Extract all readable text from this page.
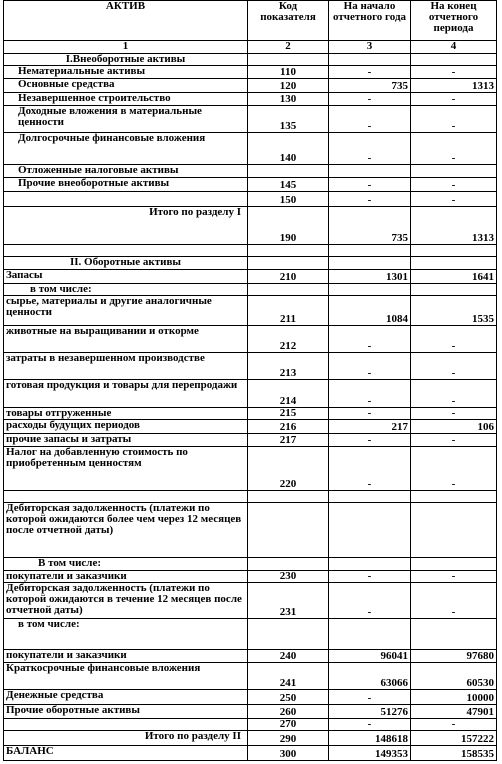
АКТИВ	Код показателя	На начало отчетного года	На конец отчетного периода
1	2	3	4
I.Внеоборотные активы			
Нематериальные активы	110	-	-
Основные средства	120	735	1313
Незавершенное строительство	130	-	-
Доходные вложения в материальные ценности	135	-	-
Долгосрочные финансовые вложения	140	-	-
Отложенные налоговые активы			
Прочие внеоборотные активы	145	-	-
	150	-	-
Итого по разделу I	190	735	1313

II. Оборотные активы			
Запасы	210	1301	1641
в том числе:			
сырье, материалы и другие аналогичные ценности	211	1084	1535
животные на выращивании и откорме	212	-	-
затраты в незавершенном производстве	213	-	-
готовая продукция и товары для перепродажи	214	-	-
товары отгруженные	215	-	-
расходы будущих периодов	216	217	106
прочие запасы и затраты	217	-	-
Налог на добавленную стоимость по приобретенным ценностям	220	-	-

Дебиторская задолженность (платежи по которой ожидаются более чем через 12 месяцев после отчетной даты)			
В том числе:			
покупатели и заказчики	230	-	-
Дебиторская задолженность (платежи по которой ожидаются в течение 12 месяцев после отчетной даты)	231	-	-
в том числе:			
покупатели и заказчики	240	96041	97680
Краткосрочные финансовые вложения	241	63066	60530
Денежные средства	250	-	10000
Прочие оборотные активы	260	51276	47901
	270	-	-
Итого по разделу II	290	148618	157222
БАЛАНС	300	149353	158535
